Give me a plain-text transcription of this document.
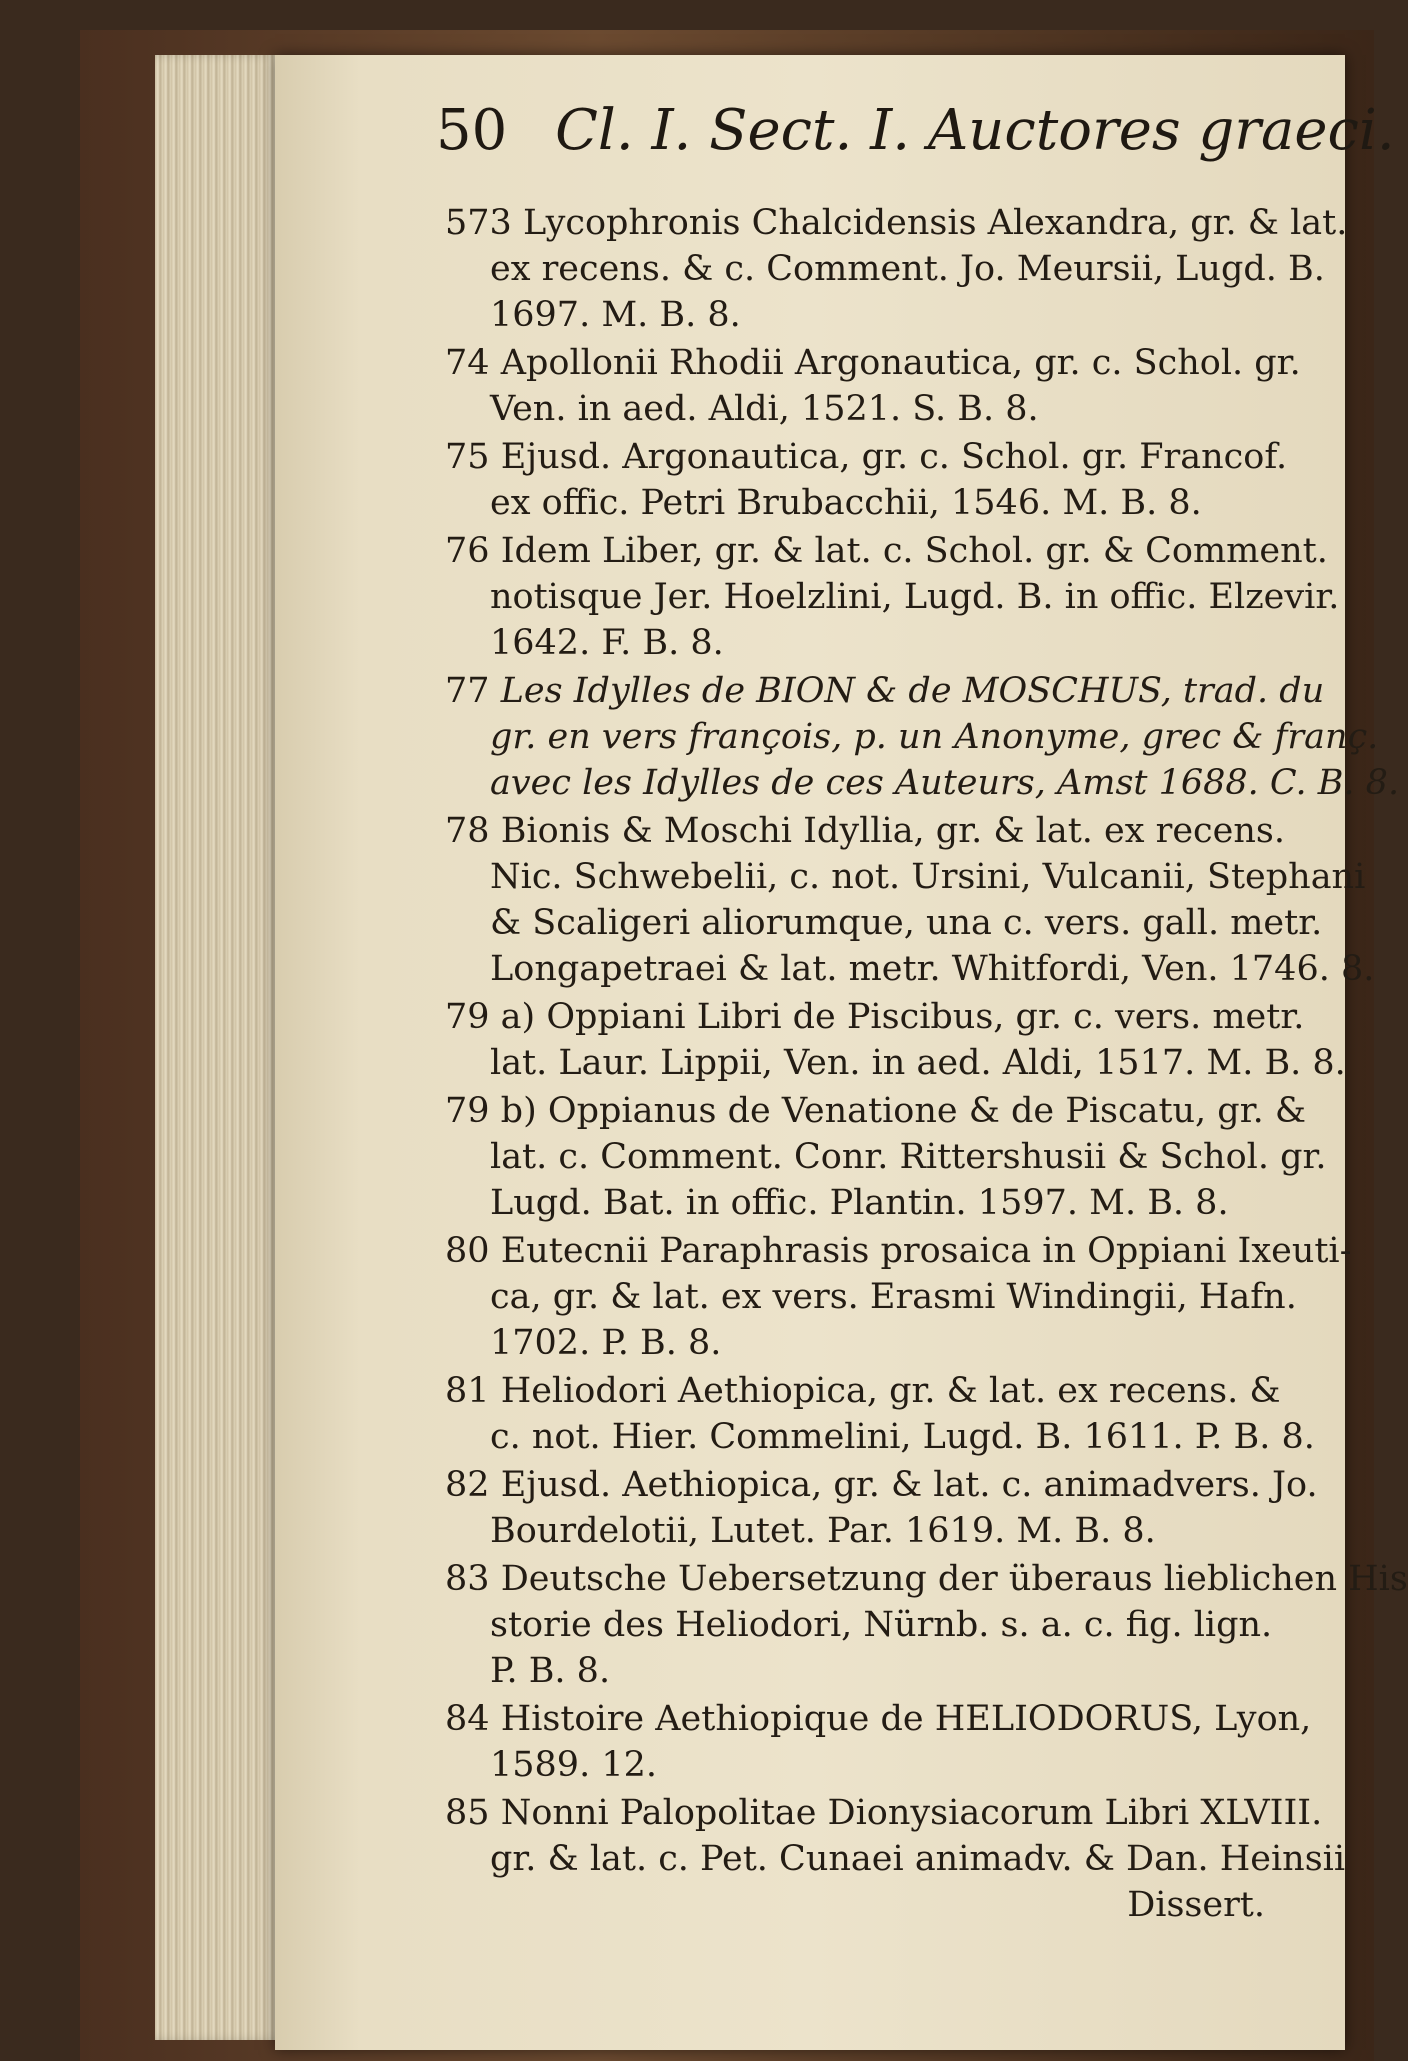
50 Cl. I. Sect. I. Auctores graeci.
573 Lycophronis Chalcidensis Alexandra, gr. & lat.
ex recens. & c. Comment. Jo. Meursii, Lugd. B.
1697. M. B. 8.
74 Apollonii Rhodii Argonautica, gr. c. Schol. gr.
Ven. in aed. Aldi, 1521. S. B. 8.
75 Ejusd. Argonautica, gr. c. Schol. gr. Francof.
ex offic. Petri Brubacchii, 1546. M. B. 8.
76 Idem Liber, gr. & lat. c. Schol. gr. & Comment.
notisque Jer. Hoelzlini, Lugd. B. in offic. Elzevir.
1642. F. B. 8.
77 Les Idylles de BION & de MOSCHUS, trad. du
gr. en vers françois, p. un Anonyme, grec & franç.
avec les Idylles de ces Auteurs, Amst 1688. C. B. 8.
78 Bionis & Moschi Idyllia, gr. & lat. ex recens.
Nic. Schwebelii, c. not. Ursini, Vulcanii, Stephani
& Scaligeri aliorumque, una c. vers. gall. metr.
Longapetraei & lat. metr. Whitfordi, Ven. 1746. 8.
79 a) Oppiani Libri de Piscibus, gr. c. vers. metr.
lat. Laur. Lippii, Ven. in aed. Aldi, 1517. M. B. 8.
79 b) Oppianus de Venatione & de Piscatu, gr. &
lat. c. Comment. Conr. Rittershusii & Schol. gr.
Lugd. Bat. in offic. Plantin. 1597. M. B. 8.
80 Eutecnii Paraphrasis prosaica in Oppiani Ixeuti-
ca, gr. & lat. ex vers. Erasmi Windingii, Hafn.
1702. P. B. 8.
81 Heliodori Aethiopica, gr. & lat. ex recens. &
c. not. Hier. Commelini, Lugd. B. 1611. P. B. 8.
82 Ejusd. Aethiopica, gr. & lat. c. animadvers. Jo.
Bourdelotii, Lutet. Par. 1619. M. B. 8.
83 Deutsche Uebersetzung der überaus lieblichen His
storie des Heliodori, Nürnb. s. a. c. fig. lign.
P. B. 8.
84 Histoire Aethiopique de HELIODORUS, Lyon,
1589. 12.
85 Nonni Palopolitae Dionysiacorum Libri XLVIII.
gr. & lat. c. Pet. Cunaei animadv. & Dan. Heinsii
Dissert.
